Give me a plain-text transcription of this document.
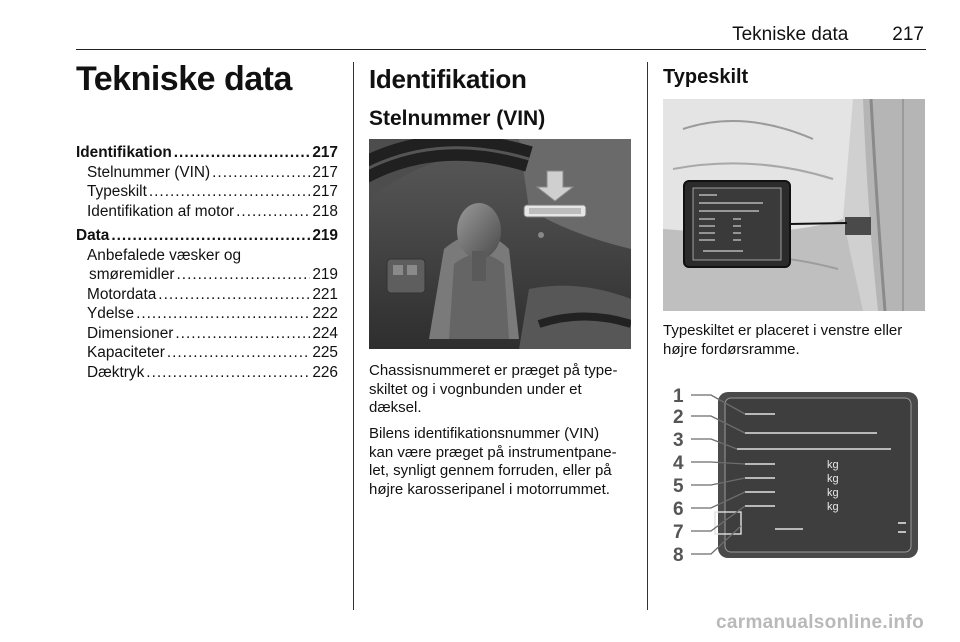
Tekniske data 217
Tekniske data
Identifikation .....	217
Stelnummer (VIN) .....	217
Typeskilt .....	217
Identifikation af motor .....	218
Data .....	219
Anbefalede væsker og
smøremidler .....	219
Motordata .....	221
Ydelse .....	222
Dimensioner .....	224
Kapaciteter .....	225
Dæktryk .....	226
Identifikation
Stelnummer (VIN)
Chassisnummeret er præget på type-
skiltet og i vognbunden under et
dæksel.
Bilens identifikationsnummer (VIN)
kan være præget på instrumentpane-
let, synligt gennem forruden, eller på
højre karosseripanel i motorrummet.
Typeskilt
Typeskiltet er placeret i venstre eller
højre fordørsramme.
kg
kg
kg
kg
1
2
3
4
5
6
7
8
carmanualsonline.info
